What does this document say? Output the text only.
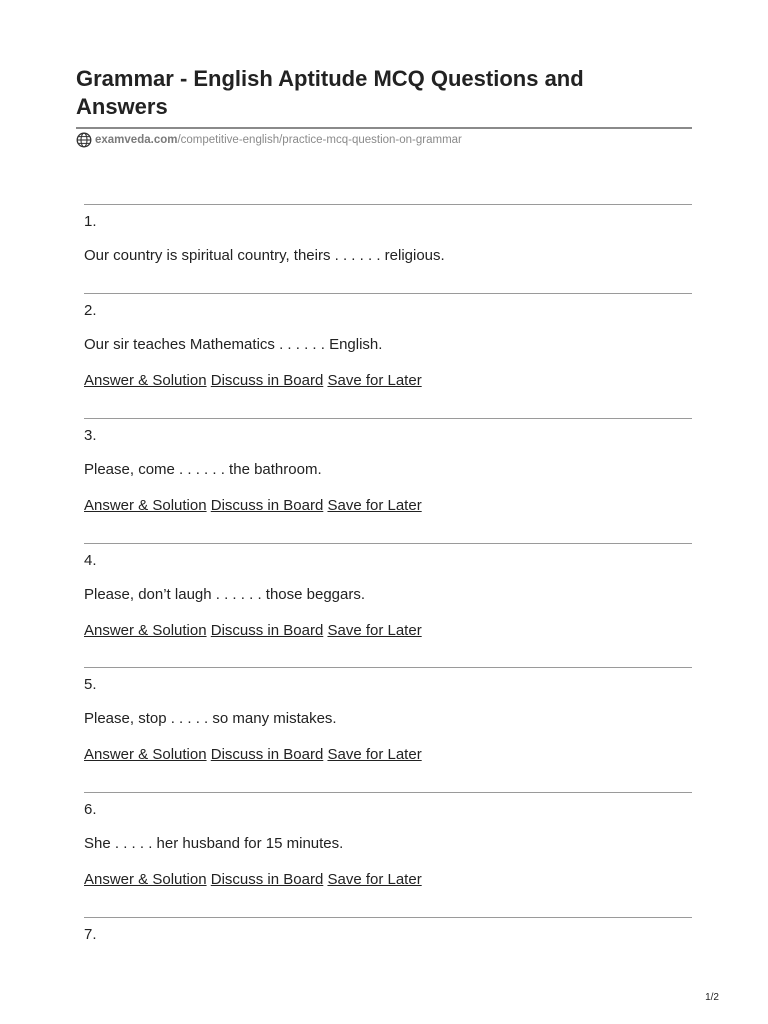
Grammar - English Aptitude MCQ Questions and Answers
examveda.com /competitive-english/practice-mcq-question-on-grammar
1.
Our country is spiritual country, theirs . . . . . . religious.
2.
Our sir teaches Mathematics . . . . . . English.
Answer & Solution Discuss in Board Save for Later
3.
Please, come . . . . . . the bathroom.
Answer & Solution Discuss in Board Save for Later
4.
Please, don’t laugh . . . . . . those beggars.
Answer & Solution Discuss in Board Save for Later
5.
Please, stop . . . . . so many mistakes.
Answer & Solution Discuss in Board Save for Later
6.
She . . . . . her husband for 15 minutes.
Answer & Solution Discuss in Board Save for Later
7.
1/2
